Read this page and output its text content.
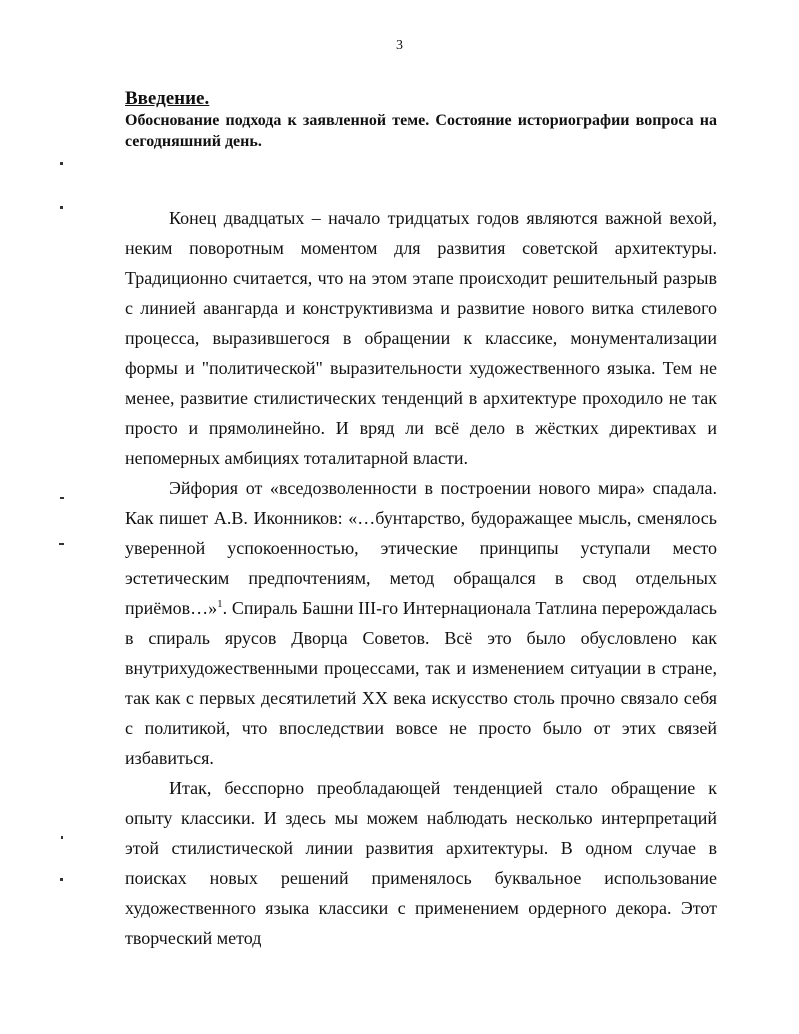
3
Введение.
Обоснование подхода к заявленной теме. Состояние историографии вопроса на сегодняшний день.

Конец двадцатых – начало тридцатых годов являются важной вехой, неким поворотным моментом для развития советской архитектуры. Традиционно считается, что на этом этапе происходит решительный разрыв с линией авангарда и конструктивизма и развитие нового витка стилевого процесса, выразившегося в обращении к классике, монументализации формы и "политической" выразительности художественного языка. Тем не менее, развитие стилистических тенденций в архитектуре проходило не так просто и прямолинейно. И вряд ли всё дело в жёстких директивах и непомерных амбициях тоталитарной власти.

Эйфория от «вседозволенности в построении нового мира» спадала. Как пишет А.В. Иконников: «…бунтарство, будоражащее мысль, сменялось уверенной успокоенностью, этические принципы уступали место эстетическим предпочтениям, метод обращался в свод отдельных приёмов…»$^1$. Спираль Башни III-го Интернационала Татлина перерождалась в спираль ярусов Дворца Советов. Всё это было обусловлено как внутрихудожественными процессами, так и изменением ситуации в стране, так как с первых десятилетий XX века искусство столь прочно связало себя с политикой, что впоследствии вовсе не просто было от этих связей избавиться.

Итак, бесспорно преобладающей тенденцией стало обращение к опыту классики. И здесь мы можем наблюдать несколько интерпретаций этой стилистической линии развития архитектуры. В одном случае в поисках новых решений применялось буквальное использование художественного языка классики с применением ордерного декора. Этот творческий метод
